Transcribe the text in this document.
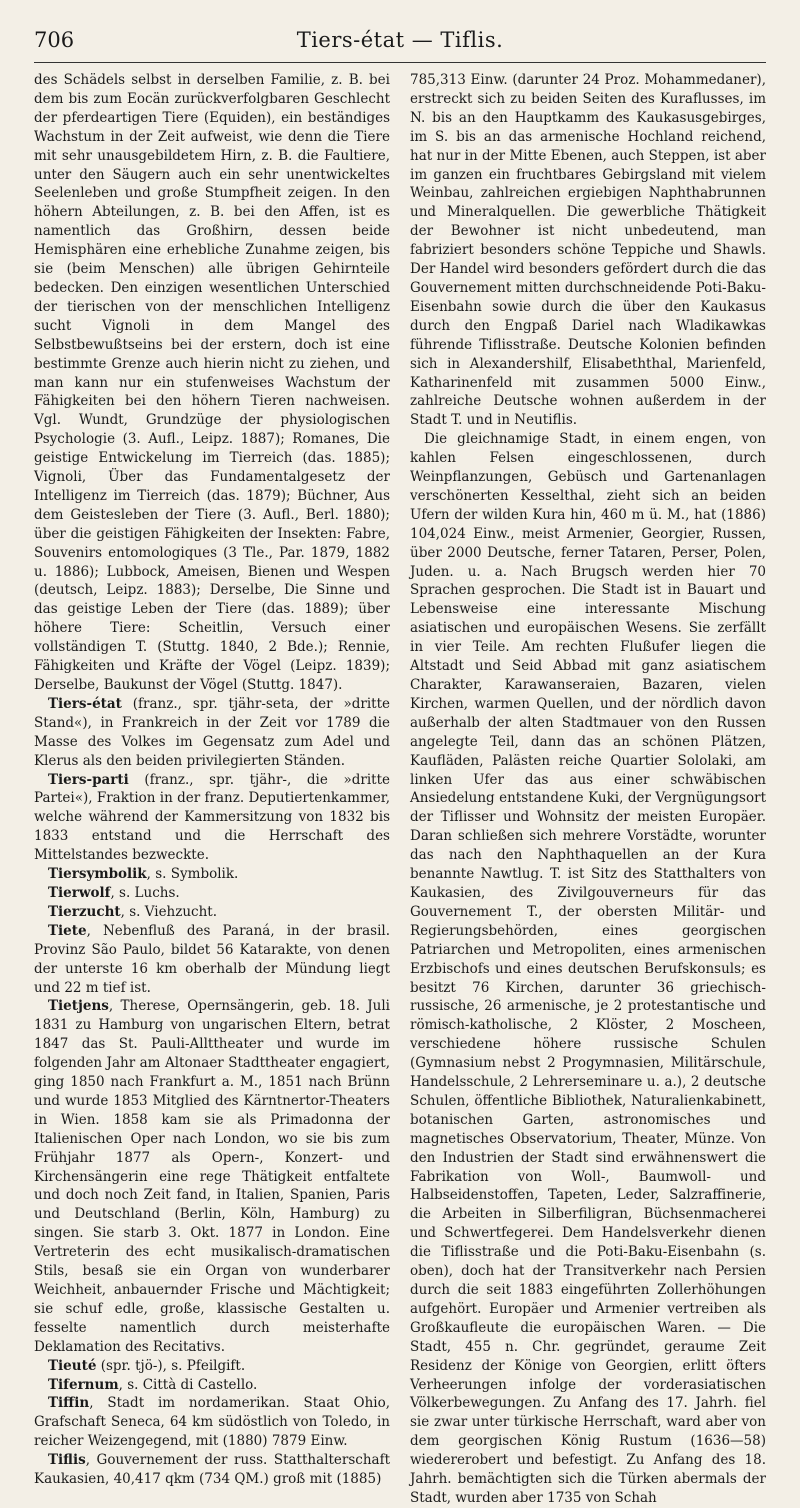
706	Tiers-état — Tiflis.

des Schädels selbst in derselben Familie, z. B. bei dem bis zum Eocän zurückverfolgbaren Geschlecht der pferdeartigen Tiere (Equiden), ein beständiges Wachstum in der Zeit aufweist, wie denn die Tiere mit sehr unausgebildetem Hirn, z. B. die Faultiere, unter den Säugern auch ein sehr unentwickeltes Seelenleben und große Stumpfheit zeigen. In den höhern Abteilungen, z. B. bei den Affen, ist es namentlich das Großhirn, dessen beide Hemisphären eine erhebliche Zunahme zeigen, bis sie (beim Menschen) alle übrigen Gehirnteile bedecken. Den einzigen wesentlichen Unterschied der tierischen von der menschlichen Intelligenz sucht Vignoli in dem Mangel des Selbstbewußtseins bei der erstern, doch ist eine bestimmte Grenze auch hierin nicht zu ziehen, und man kann nur ein stufenweises Wachstum der Fähigkeiten bei den höhern Tieren nachweisen. Vgl. Wundt, Grundzüge der physiologischen Psychologie (3. Aufl., Leipz. 1887); Romanes, Die geistige Entwickelung im Tierreich (das. 1885); Vignoli, Über das Fundamentalgesetz der Intelligenz im Tierreich (das. 1879); Büchner, Aus dem Geistesleben der Tiere (3. Aufl., Berl. 1880); über die geistigen Fähigkeiten der Insekten: Fabre, Souvenirs entomologiques (3 Tle., Par. 1879, 1882 u. 1886); Lubbock, Ameisen, Bienen und Wespen (deutsch, Leipz. 1883); Derselbe, Die Sinne und das geistige Leben der Tiere (das. 1889); über höhere Tiere: Scheitlin, Versuch einer vollständigen T. (Stuttg. 1840, 2 Bde.); Rennie, Fähigkeiten und Kräfte der Vögel (Leipz. 1839); Derselbe, Baukunst der Vögel (Stuttg. 1847).

Tiers-état (franz., spr. tjähr-seta, der »dritte Stand«), in Frankreich in der Zeit vor 1789 die Masse des Volkes im Gegensatz zum Adel und Klerus als den beiden privilegierten Ständen.

Tiers-parti (franz., spr. tjähr-, die »dritte Partei«), Fraktion in der franz. Deputiertenkammer, welche während der Kammersitzung von 1832 bis 1833 entstand und die Herrschaft des Mittelstandes bezweckte.

Tiersymbolik, s. Symbolik.

Tierwolf, s. Luchs.

Tierzucht, s. Viehzucht.

Tiete, Nebenfluß des Paraná, in der brasil. Provinz São Paulo, bildet 56 Katarakte, von denen der unterste 16 km oberhalb der Mündung liegt und 22 m tief ist.

Tietjens, Therese, Opernsängerin, geb. 18. Juli 1831 zu Hamburg von ungarischen Eltern, betrat 1847 das St. Pauli-Allttheater und wurde im folgenden Jahr am Altonaer Stadttheater engagiert, ging 1850 nach Frankfurt a. M., 1851 nach Brünn und wurde 1853 Mitglied des Kärntnertor-Theaters in Wien. 1858 kam sie als Primadonna der Italienischen Oper nach London, wo sie bis zum Frühjahr 1877 als Opern-, Konzert- und Kirchensängerin eine rege Thätigkeit entfaltete und doch noch Zeit fand, in Italien, Spanien, Paris und Deutschland (Berlin, Köln, Hamburg) zu singen. Sie starb 3. Okt. 1877 in London. Eine Vertreterin des echt musikalisch-dramatischen Stils, besaß sie ein Organ von wunderbarer Weichheit, anbauernder Frische und Mächtigkeit; sie schuf edle, große, klassische Gestalten u. fesselte namentlich durch meisterhafte Deklamation des Recitativs.

Tieuté (spr. tjö-), s. Pfeilgift.

Tifernum, s. Città di Castello.

Tiffin, Stadt im nordamerikan. Staat Ohio, Grafschaft Seneca, 64 km südöstlich von Toledo, in reicher Weizengegend, mit (1880) 7879 Einw.

Tiflis, Gouvernement der russ. Statthalterschaft Kaukasien, 40,417 qkm (734 QM.) groß mit (1885)

785,313 Einw. (darunter 24 Proz. Mohammedaner), erstreckt sich zu beiden Seiten des Kuraflusses, im N. bis an den Hauptkamm des Kaukasusgebirges, im S. bis an das armenische Hochland reichend, hat nur in der Mitte Ebenen, auch Steppen, ist aber im ganzen ein fruchtbares Gebirgsland mit vielem Weinbau, zahlreichen ergiebigen Naphthabrunnen und Mineralquellen. Die gewerbliche Thätigkeit der Bewohner ist nicht unbedeutend, man fabriziert besonders schöne Teppiche und Shawls. Der Handel wird besonders gefördert durch die das Gouvernement mitten durchschneidende Poti-Baku-Eisenbahn sowie durch die über den Kaukasus durch den Engpaß Dariel nach Wladikawkas führende Tiflisstraße. Deutsche Kolonien befinden sich in Alexandershilf, Elisabeththal, Marienfeld, Katharinenfeld mit zusammen 5000 Einw., zahlreiche Deutsche wohnen außerdem in der Stadt T. und in Neutiflis.

Die gleichnamige Stadt, in einem engen, von kahlen Felsen eingeschlossenen, durch Weinpflanzungen, Gebüsch und Gartenanlagen verschönerten Kesselthal, zieht sich an beiden Ufern der wilden Kura hin, 460 m ü. M., hat (1886) 104,024 Einw., meist Armenier, Georgier, Russen, über 2000 Deutsche, ferner Tataren, Perser, Polen, Juden. u. a. Nach Brugsch werden hier 70 Sprachen gesprochen. Die Stadt ist in Bauart und Lebensweise eine interessante Mischung asiatischen und europäischen Wesens. Sie zerfällt in vier Teile. Am rechten Flußufer liegen die Altstadt und Seid Abbad mit ganz asiatischem Charakter, Karawanseraien, Bazaren, vielen Kirchen, warmen Quellen, und der nördlich davon außerhalb der alten Stadtmauer von den Russen angelegte Teil, dann das an schönen Plätzen, Kaufläden, Palästen reiche Quartier Sololaki, am linken Ufer das aus einer schwäbischen Ansiedelung entstandene Kuki, der Vergnügungsort der Tiflisser und Wohnsitz der meisten Europäer. Daran schließen sich mehrere Vorstädte, worunter das nach den Naphthaquellen an der Kura benannte Nawtlug. T. ist Sitz des Statthalters von Kaukasien, des Zivilgouverneurs für das Gouvernement T., der obersten Militär- und Regierungsbehörden, eines georgischen Patriarchen und Metropoliten, eines armenischen Erzbischofs und eines deutschen Berufskonsuls; es besitzt 76 Kirchen, darunter 36 griechisch-russische, 26 armenische, je 2 protestantische und römisch-katholische, 2 Klöster, 2 Moscheen, verschiedene höhere russische Schulen (Gymnasium nebst 2 Progymnasien, Militärschule, Handelsschule, 2 Lehrerseminare u. a.), 2 deutsche Schulen, öffentliche Bibliothek, Naturalienkabinett, botanischen Garten, astronomisches und magnetisches Observatorium, Theater, Münze. Von den Industrien der Stadt sind erwähnenswert die Fabrikation von Woll-, Baumwoll- und Halbseidenstoffen, Tapeten, Leder, Salzraffinerie, die Arbeiten in Silberfiligran, Büchsenmacherei und Schwertfegerei. Dem Handelsverkehr dienen die Tiflisstraße und die Poti-Baku-Eisenbahn (s. oben), doch hat der Transitverkehr nach Persien durch die seit 1883 eingeführten Zollerhöhungen aufgehört. Europäer und Armenier vertreiben als Großkaufleute die europäischen Waren. — Die Stadt, 455 n. Chr. gegründet, geraume Zeit Residenz der Könige von Georgien, erlitt öfters Verheerungen infolge der vorderasiatischen Völkerbewegungen. Zu Anfang des 17. Jahrh. fiel sie zwar unter türkische Herrschaft, ward aber von dem georgischen König Rustum (1636—58) wiedererobert und befestigt. Zu Anfang des 18. Jahrh. bemächtigten sich die Türken abermals der Stadt, wurden aber 1735 von Schah
